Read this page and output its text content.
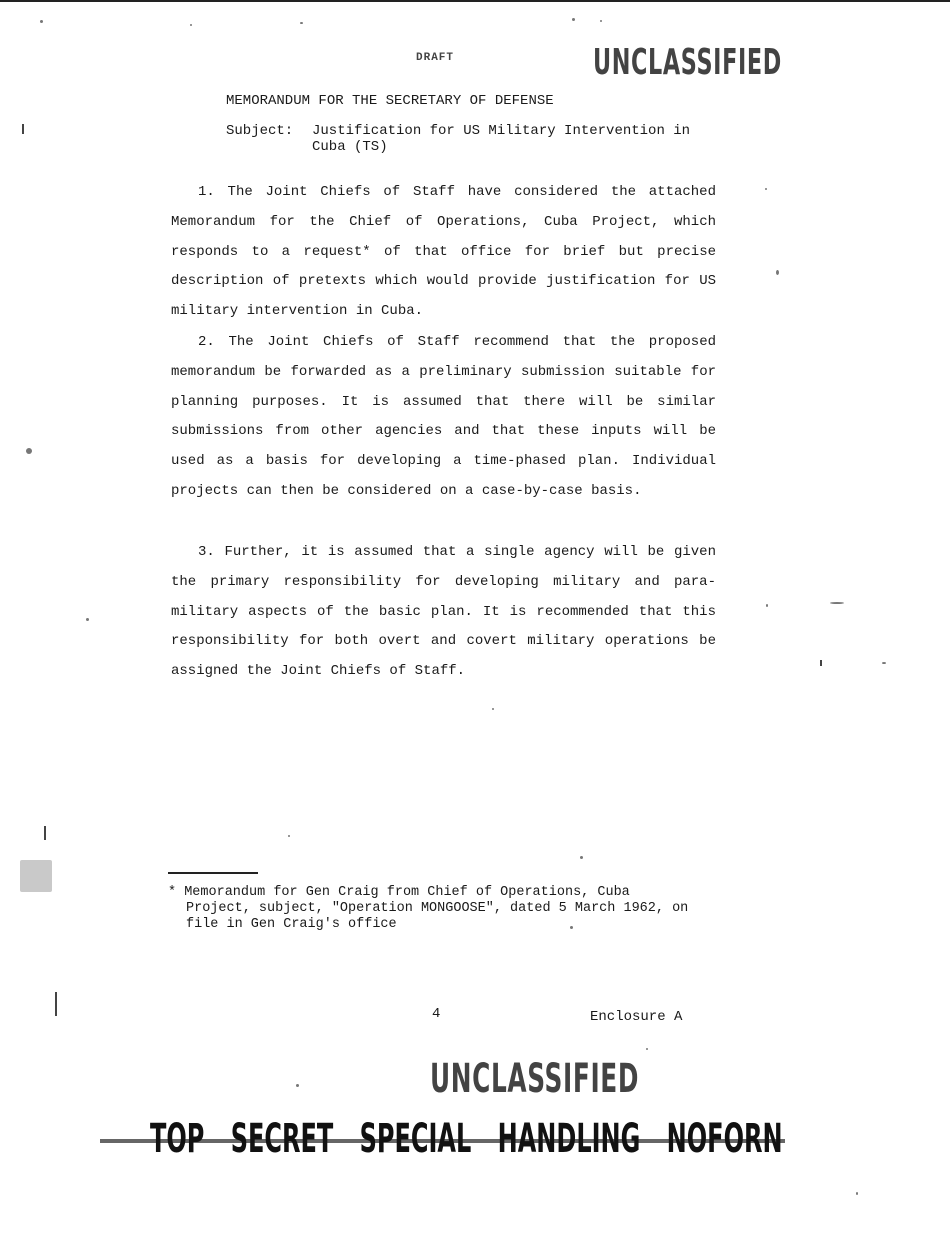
DRAFT	UNCLASSIFIED
MEMORANDUM FOR THE SECRETARY OF DEFENSE
Subject: Justification for US Military Intervention in Cuba (TS)

1. The Joint Chiefs of Staff have considered the attached Memorandum for the Chief of Operations, Cuba Project, which responds to a request* of that office for brief but precise description of pretexts which would provide justification for US military intervention in Cuba.

2. The Joint Chiefs of Staff recommend that the proposed memorandum be forwarded as a preliminary submission suitable for planning purposes. It is assumed that there will be similar submissions from other agencies and that these inputs will be used as a basis for developing a time-phased plan. Individual projects can then be considered on a case-by-case basis.

3. Further, it is assumed that a single agency will be given the primary responsibility for developing military and para-military aspects of the basic plan. It is recommended that this responsibility for both overt and covert military operations be assigned the Joint Chiefs of Staff.

* Memorandum for Gen Craig from Chief of Operations, Cuba Project, subject, "Operation MONGOOSE", dated 5 March 1962, on file in Gen Craig's office
4	Enclosure A
UNCLASSIFIED
TOP SECRET SPECIAL HANDLING NOFORN
